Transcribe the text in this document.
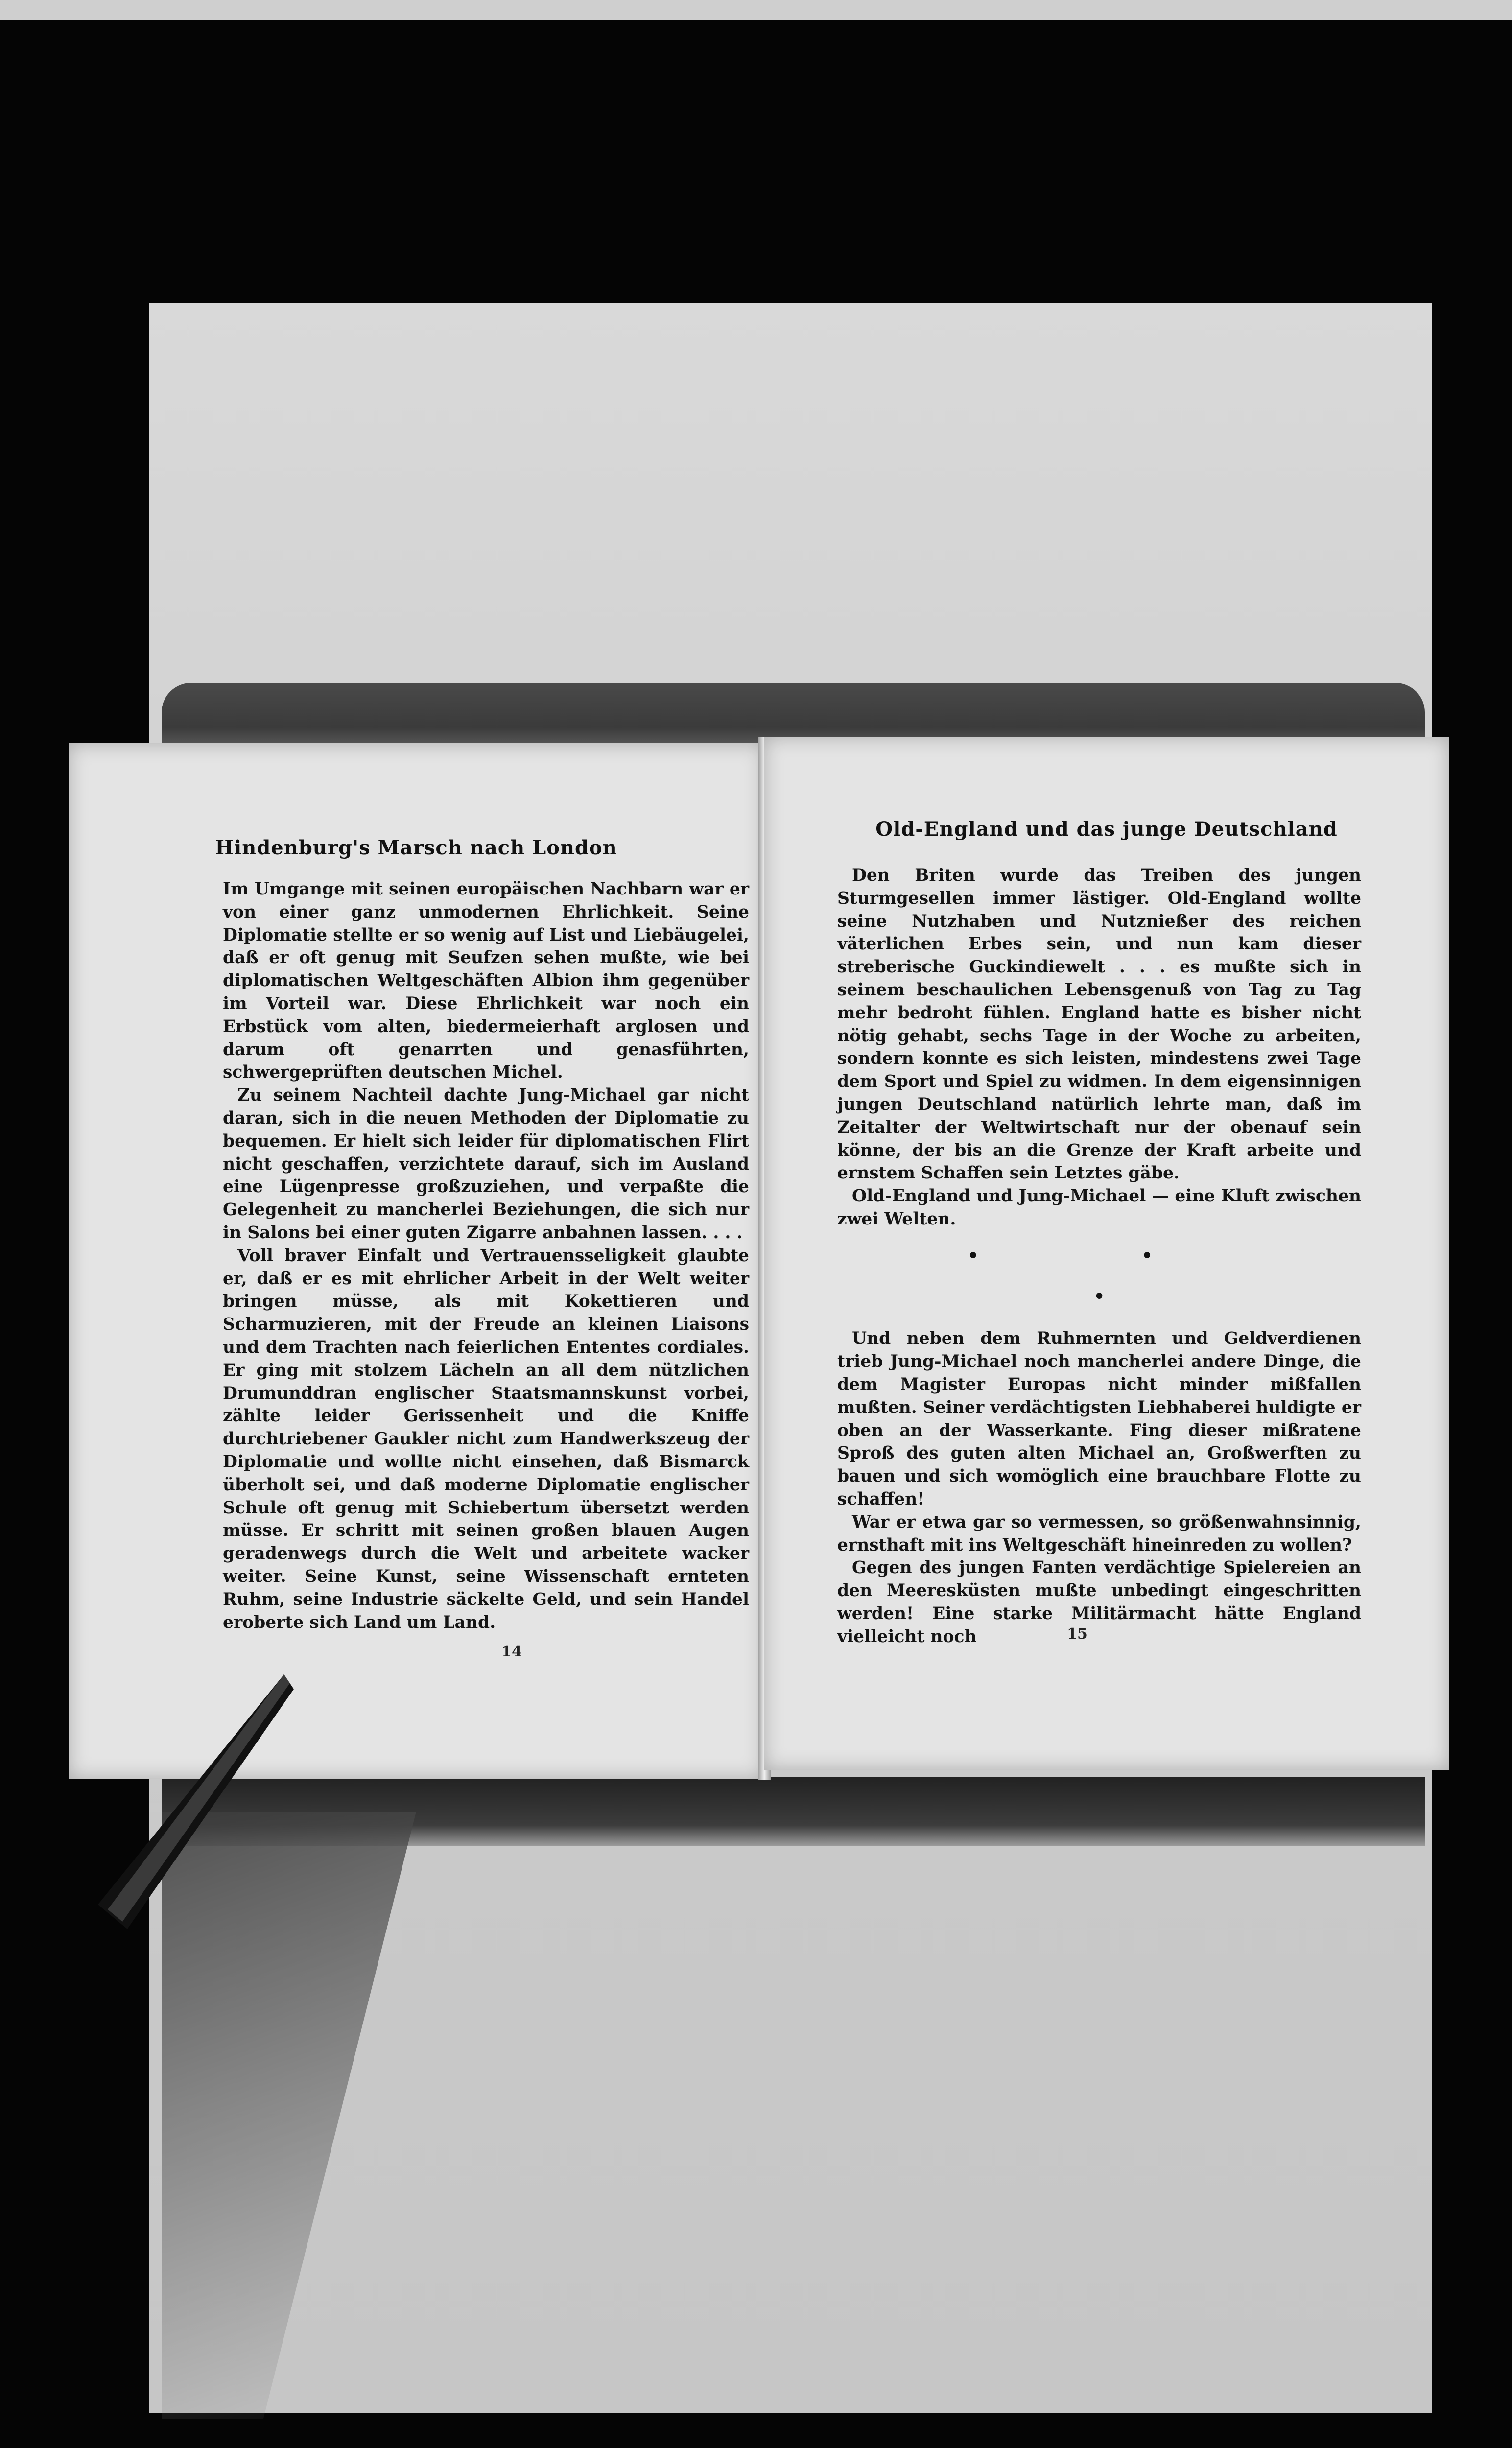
Hindenburg's Marsch nach London

Im Umgange mit seinen europäischen Nachbarn war er von einer ganz unmodernen Ehrlichkeit. Seine Diplomatie stellte er so wenig auf List und Liebäugelei, daß er oft genug mit Seufzen sehen mußte, wie bei diplomatischen Weltgeschäften Albion ihm gegenüber im Vorteil war. Diese Ehrlichkeit war noch ein Erbstück vom alten, biedermeierhaft arglosen und darum oft genarrten und genasführten, schwergeprüften deutschen Michel.

Zu seinem Nachteil dachte Jung-Michael gar nicht daran, sich in die neuen Methoden der Diplomatie zu bequemen. Er hielt sich leider für diplomatischen Flirt nicht geschaffen, verzichtete darauf, sich im Ausland eine Lügenpresse großzuziehen, und verpaßte die Gelegenheit zu mancherlei Beziehungen, die sich nur in Salons bei einer guten Zigarre anbahnen lassen. . . .

Voll braver Einfalt und Vertrauensseligkeit glaubte er, daß er es mit ehrlicher Arbeit in der Welt weiter bringen müsse, als mit Kokettieren und Scharmuzieren, mit der Freude an kleinen Liaisons und dem Trachten nach feierlichen Ententes cordiales. Er ging mit stolzem Lächeln an all dem nützlichen Drumunddran englischer Staatsmannskunst vorbei, zählte leider Gerissenheit und die Kniffe durchtriebener Gaukler nicht zum Handwerkszeug der Diplomatie und wollte nicht einsehen, daß Bismarck überholt sei, und daß moderne Diplomatie englischer Schule oft genug mit Schiebertum übersetzt werden müsse. Er schritt mit seinen großen blauen Augen geradenwegs durch die Welt und arbeitete wacker weiter. Seine Kunst, seine Wissenschaft ernteten Ruhm, seine Industrie säckelte Geld, und sein Handel eroberte sich Land um Land.

14
Old-England und das junge Deutschland

Den Briten wurde das Treiben des jungen Sturmgesellen immer lästiger. Old-England wollte seine Nutzhaben und Nutznießer des reichen väterlichen Erbes sein, und nun kam dieser streberische Guckindiewelt . . . es mußte sich in seinem beschaulichen Lebensgenuß von Tag zu Tag mehr bedroht fühlen. England hatte es bisher nicht nötig gehabt, sechs Tage in der Woche zu arbeiten, sondern konnte es sich leisten, mindestens zwei Tage dem Sport und Spiel zu widmen. In dem eigensinnigen jungen Deutschland natürlich lehrte man, daß im Zeitalter der Weltwirtschaft nur der obenauf sein könne, der bis an die Grenze der Kraft arbeite und ernstem Schaffen sein Letztes gäbe.

Old-England und Jung-Michael — eine Kluft zwischen zwei Welten.

• •
•

Und neben dem Ruhmernten und Geldverdienen trieb Jung-Michael noch mancherlei andere Dinge, die dem Magister Europas nicht minder mißfallen mußten. Seiner verdächtigsten Liebhaberei huldigte er oben an der Wasserkante. Fing dieser mißratene Sproß des guten alten Michael an, Großwerften zu bauen und sich womöglich eine brauchbare Flotte zu schaffen!

War er etwa gar so vermessen, so größenwahnsinnig, ernsthaft mit ins Weltgeschäft hineinreden zu wollen?

Gegen des jungen Fanten verdächtige Spielereien an den Meeresküsten mußte unbedingt eingeschritten werden! Eine starke Militärmacht hätte England vielleicht noch	15
